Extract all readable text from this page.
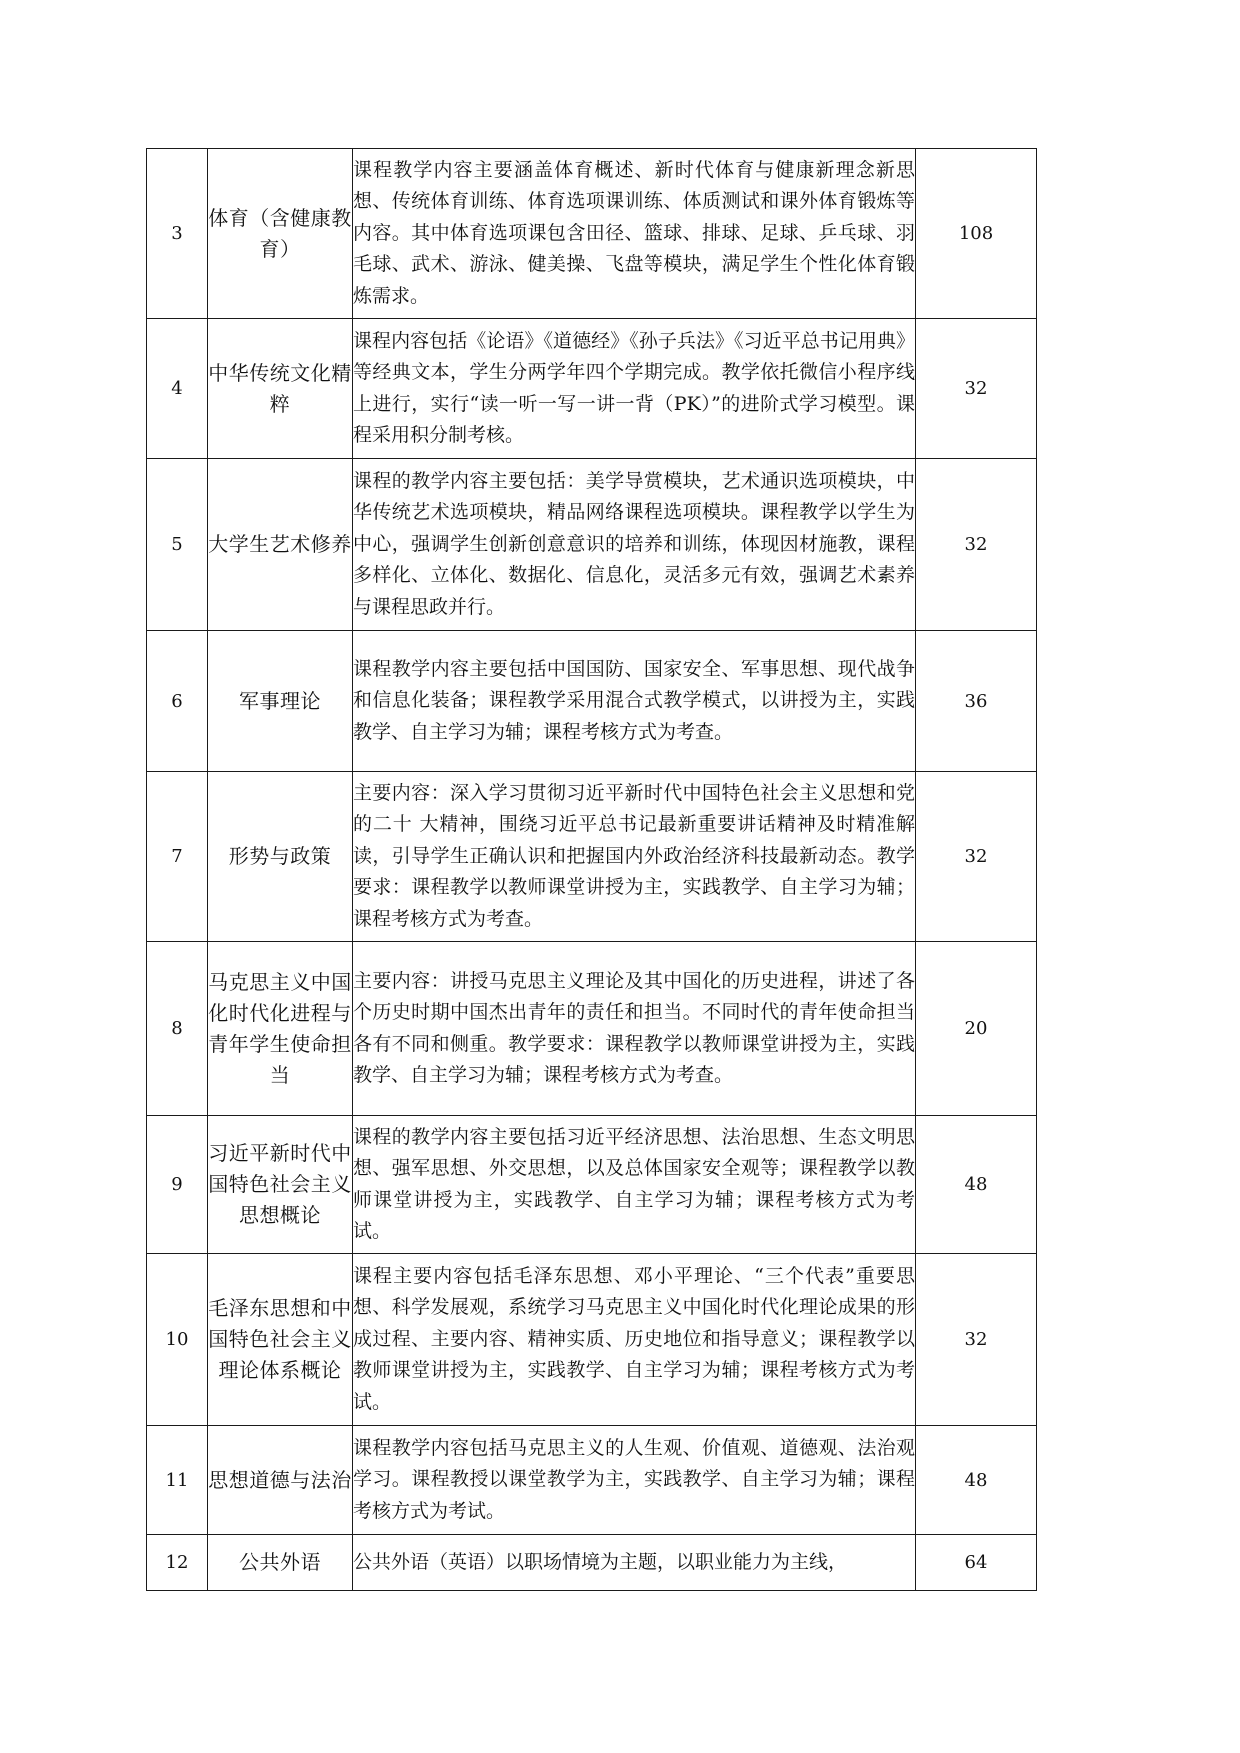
3	体育（含健康教育）	课程教学内容主要涵盖体育概述、新时代体育与健康新理念新思想、传统体育训练、体育选项课训练、体质测试和课外体育锻炼等内容。其中体育选项课包含田径、篮球、排球、足球、乒乓球、羽毛球、武术、游泳、健美操、飞盘等模块，满足学生个性化体育锻炼需求。	108
4	中华传统文化精粹	课程内容包括《论语》《道德经》《孙子兵法》《习近平总书记用典》等经典文本，学生分两学年四个学期完成。教学依托微信小程序线上进行，实行“读一听一写一讲一背（PK）”的进阶式学习模型。课程采用积分制考核。	32
5	大学生艺术修养	课程的教学内容主要包括：美学导赏模块，艺术通识选项模块，中华传统艺术选项模块，精品网络课程选项模块。课程教学以学生为中心，强调学生创新创意意识的培养和训练，体现因材施教，课程多样化、立体化、数据化、信息化，灵活多元有效，强调艺术素养与课程思政并行。	32
6	军事理论	课程教学内容主要包括中国国防、国家安全、军事思想、现代战争和信息化装备；课程教学采用混合式教学模式，以讲授为主，实践教学、自主学习为辅；课程考核方式为考查。	36
7	形势与政策	主要内容：深入学习贯彻习近平新时代中国特色社会主义思想和党的二十 大精神，围绕习近平总书记最新重要讲话精神及时精准解读，引导学生正确认识和把握国内外政治经济科技最新动态。教学要求：课程教学以教师课堂讲授为主，实践教学、自主学习为辅；课程考核方式为考查。	32
8	马克思主义中国化时代化进程与青年学生使命担当	主要内容：讲授马克思主义理论及其中国化的历史进程，讲述了各个历史时期中国杰出青年的责任和担当。不同时代的青年使命担当各有不同和侧重。教学要求：课程教学以教师课堂讲授为主，实践教学、自主学习为辅；课程考核方式为考查。	20
9	习近平新时代中国特色社会主义思想概论	课程的教学内容主要包括习近平经济思想、法治思想、生态文明思想、强军思想、外交思想，以及总体国家安全观等；课程教学以教师课堂讲授为主，实践教学、自主学习为辅；课程考核方式为考试。	48
10	毛泽东思想和中国特色社会主义理论体系概论	课程主要内容包括毛泽东思想、邓小平理论、“三个代表”重要思想、科学发展观，系统学习马克思主义中国化时代化理论成果的形成过程、主要内容、精神实质、历史地位和指导意义；课程教学以教师课堂讲授为主，实践教学、自主学习为辅；课程考核方式为考试。	32
11	思想道德与法治	课程教学内容包括马克思主义的人生观、价值观、道德观、法治观学习。课程教授以课堂教学为主，实践教学、自主学习为辅；课程考核方式为考试。	48
12	公共外语	公共外语（英语）以职场情境为主题，以职业能力为主线，	64
